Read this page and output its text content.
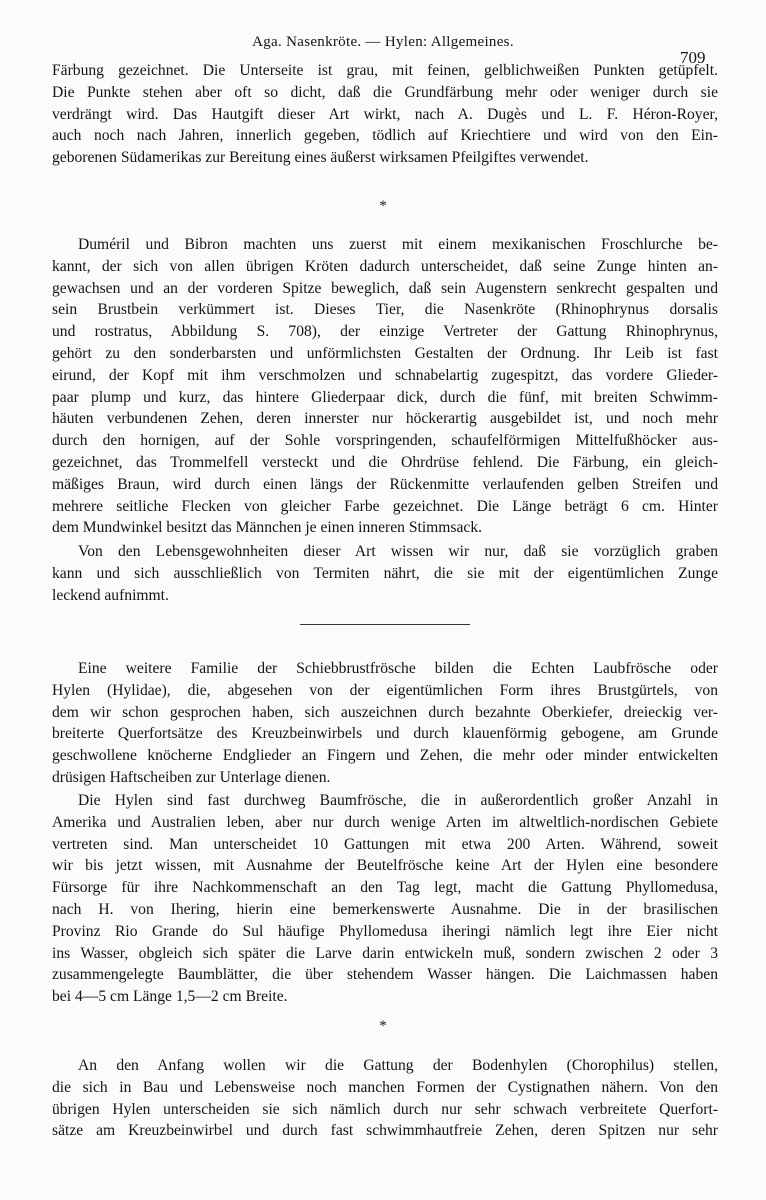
Aga. Nasenkröte. — Hylen: Allgemeines.
709
Färbung gezeichnet. Die Unterseite ist grau, mit feinen, gelblichweißen Punkten getüpfelt.
Die Punkte stehen aber oft so dicht, daß die Grundfärbung mehr oder weniger durch sie
verdrängt wird. Das Hautgift dieser Art wirkt, nach A. Dugès und L. F. Héron-Royer,
auch noch nach Jahren, innerlich gegeben, tödlich auf Kriechtiere und wird von den Ein-
geborenen Südamerikas zur Bereitung eines äußerst wirksamen Pfeilgiftes verwendet.
*
Duméril und Bibron machten uns zuerst mit einem mexikanischen Froschlurche be-
kannt, der sich von allen übrigen Kröten dadurch unterscheidet, daß seine Zunge hinten an-
gewachsen und an der vorderen Spitze beweglich, daß sein Augenstern senkrecht gespalten und
sein Brustbein verkümmert ist. Dieses Tier, die Nasenkröte (Rhinophrynus dorsalis
und rostratus, Abbildung S. 708), der einzige Vertreter der Gattung Rhinophrynus,
gehört zu den sonderbarsten und unförmlichsten Gestalten der Ordnung. Ihr Leib ist fast
eirund, der Kopf mit ihm verschmolzen und schnabelartig zugespitzt, das vordere Glieder-
paar plump und kurz, das hintere Gliederpaar dick, durch die fünf, mit breiten Schwimm-
häuten verbundenen Zehen, deren innerster nur höckerartig ausgebildet ist, und noch mehr
durch den hornigen, auf der Sohle vorspringenden, schaufelförmigen Mittelfußhöcker aus-
gezeichnet, das Trommelfell versteckt und die Ohrdrüse fehlend. Die Färbung, ein gleich-
mäßiges Braun, wird durch einen längs der Rückenmitte verlaufenden gelben Streifen und
mehrere seitliche Flecken von gleicher Farbe gezeichnet. Die Länge beträgt 6 cm. Hinter
dem Mundwinkel besitzt das Männchen je einen inneren Stimmsack.
Von den Lebensgewohnheiten dieser Art wissen wir nur, daß sie vorzüglich graben
kann und sich ausschließlich von Termiten nährt, die sie mit der eigentümlichen Zunge
leckend aufnimmt.
Eine weitere Familie der Schiebbrustfrösche bilden die Echten Laubfrösche oder
Hylen (Hylidae), die, abgesehen von der eigentümlichen Form ihres Brustgürtels, von
dem wir schon gesprochen haben, sich auszeichnen durch bezahnte Oberkiefer, dreieckig ver-
breiterte Querfortsätze des Kreuzbeinwirbels und durch klauenförmig gebogene, am Grunde
geschwollene knöcherne Endglieder an Fingern und Zehen, die mehr oder minder entwickelten
drüsigen Haftscheiben zur Unterlage dienen.
Die Hylen sind fast durchweg Baumfrösche, die in außerordentlich großer Anzahl in
Amerika und Australien leben, aber nur durch wenige Arten im altweltlich-nordischen Gebiete
vertreten sind. Man unterscheidet 10 Gattungen mit etwa 200 Arten. Während, soweit
wir bis jetzt wissen, mit Ausnahme der Beutelfrösche keine Art der Hylen eine besondere
Fürsorge für ihre Nachkommenschaft an den Tag legt, macht die Gattung Phyllomedusa,
nach H. von Ihering, hierin eine bemerkenswerte Ausnahme. Die in der brasilischen
Provinz Rio Grande do Sul häufige Phyllomedusa iheringi nämlich legt ihre Eier nicht
ins Wasser, obgleich sich später die Larve darin entwickeln muß, sondern zwischen 2 oder 3
zusammengelegte Baumblätter, die über stehendem Wasser hängen. Die Laichmassen haben
bei 4—5 cm Länge 1,5—2 cm Breite.
*
An den Anfang wollen wir die Gattung der Bodenhylen (Chorophilus) stellen,
die sich in Bau und Lebensweise noch manchen Formen der Cystignathen nähern. Von den
übrigen Hylen unterscheiden sie sich nämlich durch nur sehr schwach verbreitete Querfort-
sätze am Kreuzbeinwirbel und durch fast schwimmhautfreie Zehen, deren Spitzen nur sehr
